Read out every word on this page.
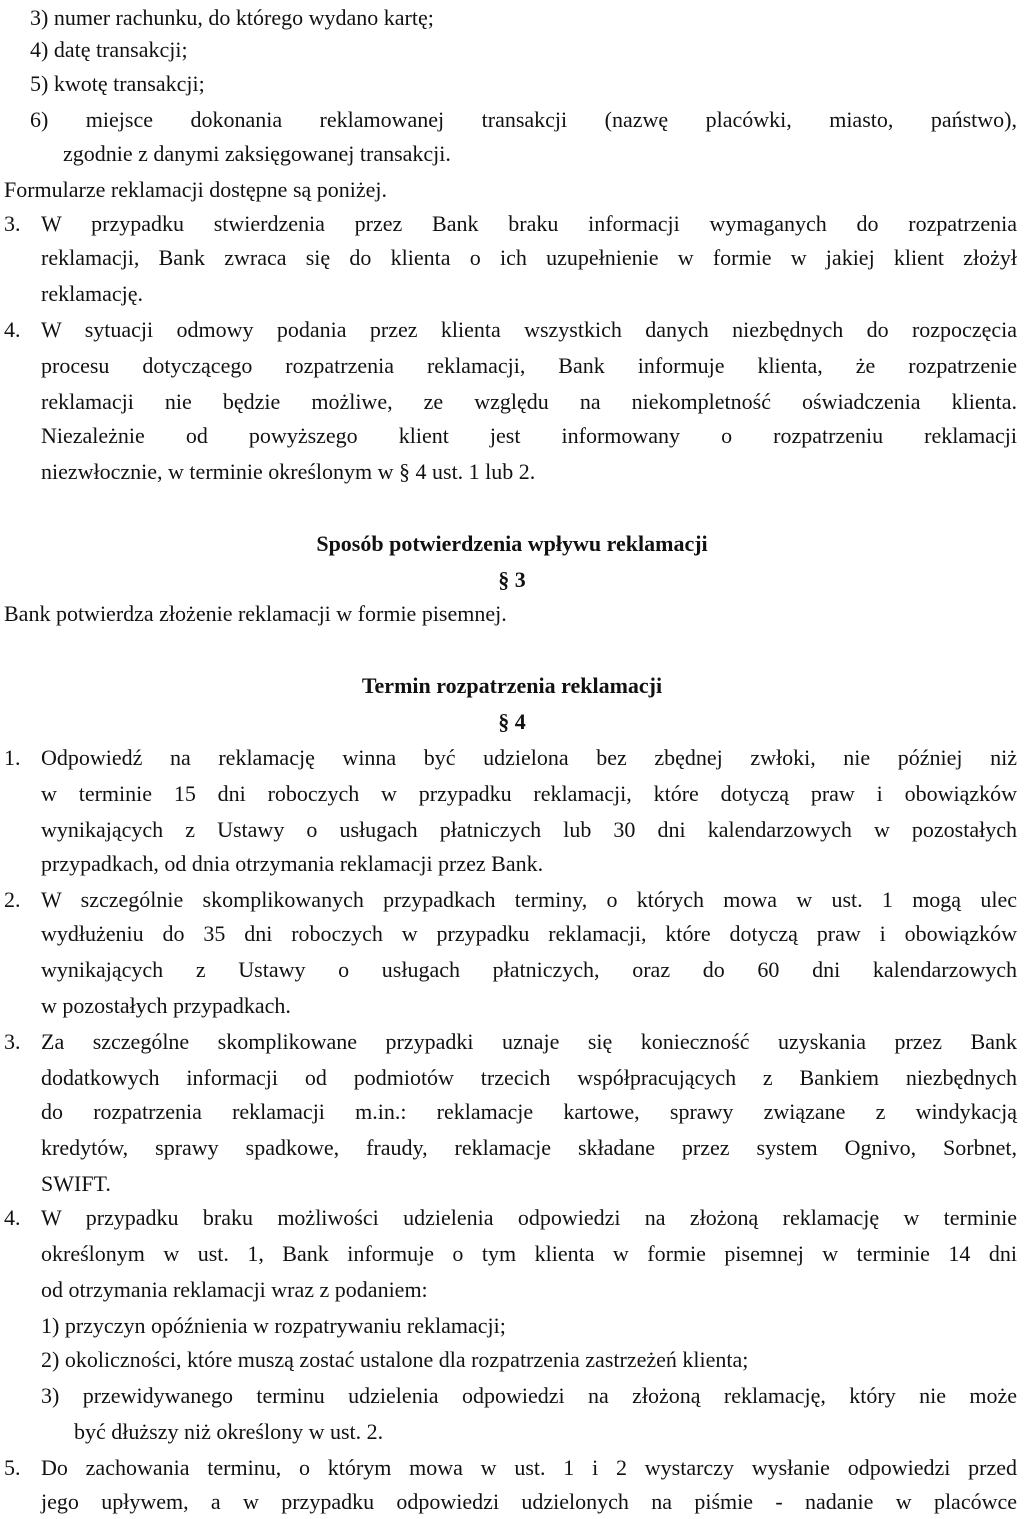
3) numer rachunku, do którego wydano kartę;
4) datę transakcji;
5) kwotę transakcji;
6) miejsce dokonania reklamowanej transakcji (nazwę placówki, miasto, państwo),
zgodnie z danymi zaksięgowanej transakcji.
Formularze reklamacji dostępne są poniżej.
3. W przypadku stwierdzenia przez Bank braku informacji wymaganych do rozpatrzenia
reklamacji, Bank zwraca się do klienta o ich uzupełnienie w formie w jakiej klient złożył
reklamację.
4. W sytuacji odmowy podania przez klienta wszystkich danych niezbędnych do rozpoczęcia
procesu dotyczącego rozpatrzenia reklamacji, Bank informuje klienta, że rozpatrzenie
reklamacji nie będzie możliwe, ze względu na niekompletność oświadczenia klienta.
Niezależnie od powyższego klient jest informowany o rozpatrzeniu reklamacji
niezwłocznie, w terminie określonym w § 4 ust. 1 lub 2.
Sposób potwierdzenia wpływu reklamacji
§ 3
Bank potwierdza złożenie reklamacji w formie pisemnej.
Termin rozpatrzenia reklamacji
§ 4
1. Odpowiedź na reklamację winna być udzielona bez zbędnej zwłoki, nie później niż
w terminie 15 dni roboczych w przypadku reklamacji, które dotyczą praw i obowiązków
wynikających z Ustawy o usługach płatniczych lub 30 dni kalendarzowych w pozostałych
przypadkach, od dnia otrzymania reklamacji przez Bank.
2. W szczególnie skomplikowanych przypadkach terminy, o których mowa w ust. 1 mogą ulec
wydłużeniu do 35 dni roboczych w przypadku reklamacji, które dotyczą praw i obowiązków
wynikających z Ustawy o usługach płatniczych, oraz do 60 dni kalendarzowych
w pozostałych przypadkach.
3. Za szczególne skomplikowane przypadki uznaje się konieczność uzyskania przez Bank
dodatkowych informacji od podmiotów trzecich współpracujących z Bankiem niezbędnych
do rozpatrzenia reklamacji m.in.: reklamacje kartowe, sprawy związane z windykacją
kredytów, sprawy spadkowe, fraudy, reklamacje składane przez system Ognivo, Sorbnet,
SWIFT.
4. W przypadku braku możliwości udzielenia odpowiedzi na złożoną reklamację w terminie
określonym w ust. 1, Bank informuje o tym klienta w formie pisemnej w terminie 14 dni
od otrzymania reklamacji wraz z podaniem:
1) przyczyn opóźnienia w rozpatrywaniu reklamacji;
2) okoliczności, które muszą zostać ustalone dla rozpatrzenia zastrzeżeń klienta;
3) przewidywanego terminu udzielenia odpowiedzi na złożoną reklamację, który nie może
być dłuższy niż określony w ust. 2.
5. Do zachowania terminu, o którym mowa w ust. 1 i 2 wystarczy wysłanie odpowiedzi przed
jego upływem, a w przypadku odpowiedzi udzielonych na piśmie - nadanie w placówce
